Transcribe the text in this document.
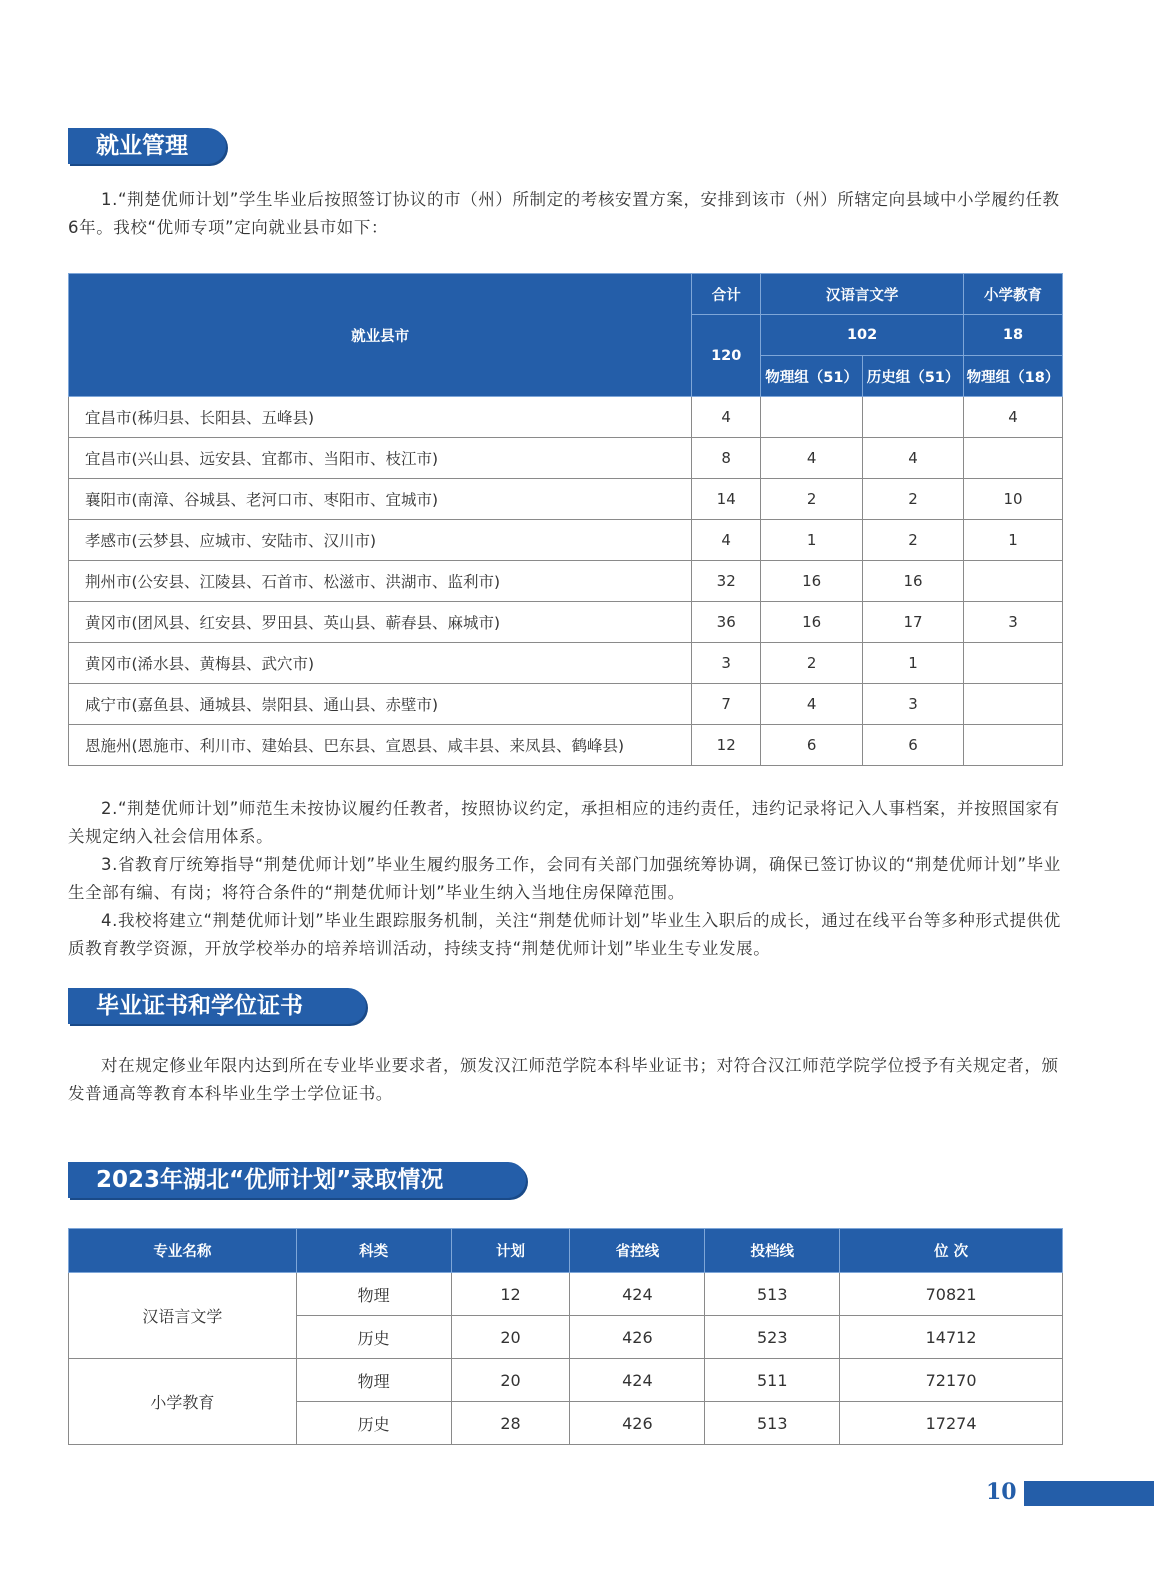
就业管理

1.“荆楚优师计划”学生毕业后按照签订协议的市（州）所制定的考核安置方案，安排到该市（州）所辖定向县域中小学履约任教6年。我校“优师专项”定向就业县市如下：

就业县市	合计	汉语言文学		小学教育
	120	102		18
		物理组（51）	历史组（51）	物理组（18）
宜昌市(秭归县、长阳县、五峰县)	4			4
宜昌市(兴山县、远安县、宜都市、当阳市、枝江市)	8	4	4	
襄阳市(南漳、谷城县、老河口市、枣阳市、宜城市)	14	2	2	10
孝感市(云梦县、应城市、安陆市、汉川市)	4	1	2	1
荆州市(公安县、江陵县、石首市、松滋市、洪湖市、监利市)	32	16	16	
黄冈市(团风县、红安县、罗田县、英山县、蕲春县、麻城市)	36	16	17	3
黄冈市(浠水县、黄梅县、武穴市)	3	2	1	
咸宁市(嘉鱼县、通城县、崇阳县、通山县、赤壁市)	7	4	3	
恩施州(恩施市、利川市、建始县、巴东县、宣恩县、咸丰县、来凤县、鹤峰县)	12	6	6	

2.“荆楚优师计划”师范生未按协议履约任教者，按照协议约定，承担相应的违约责任，违约记录将记入人事档案，并按照国家有关规定纳入社会信用体系。

3.省教育厅统筹指导“荆楚优师计划”毕业生履约服务工作，会同有关部门加强统筹协调，确保已签订协议的“荆楚优师计划”毕业生全部有编、有岗；将符合条件的“荆楚优师计划”毕业生纳入当地住房保障范围。

4.我校将建立“荆楚优师计划”毕业生跟踪服务机制，关注“荆楚优师计划”毕业生入职后的成长，通过在线平台等多种形式提供优质教育教学资源，开放学校举办的培养培训活动，持续支持“荆楚优师计划”毕业生专业发展。

毕业证书和学位证书

对在规定修业年限内达到所在专业毕业要求者，颁发汉江师范学院本科毕业证书；对符合汉江师范学院学位授予有关规定者，颁发普通高等教育本科毕业生学士学位证书。

2023年湖北“优师计划”录取情况
专业名称	科类	计划	省控线	投档线	位 次
汉语言文学	物理	12	424	513	70821
	历史	20	426	523	14712
小学教育	物理	20	424	511	72170
	历史	28	426	513	17274
10
